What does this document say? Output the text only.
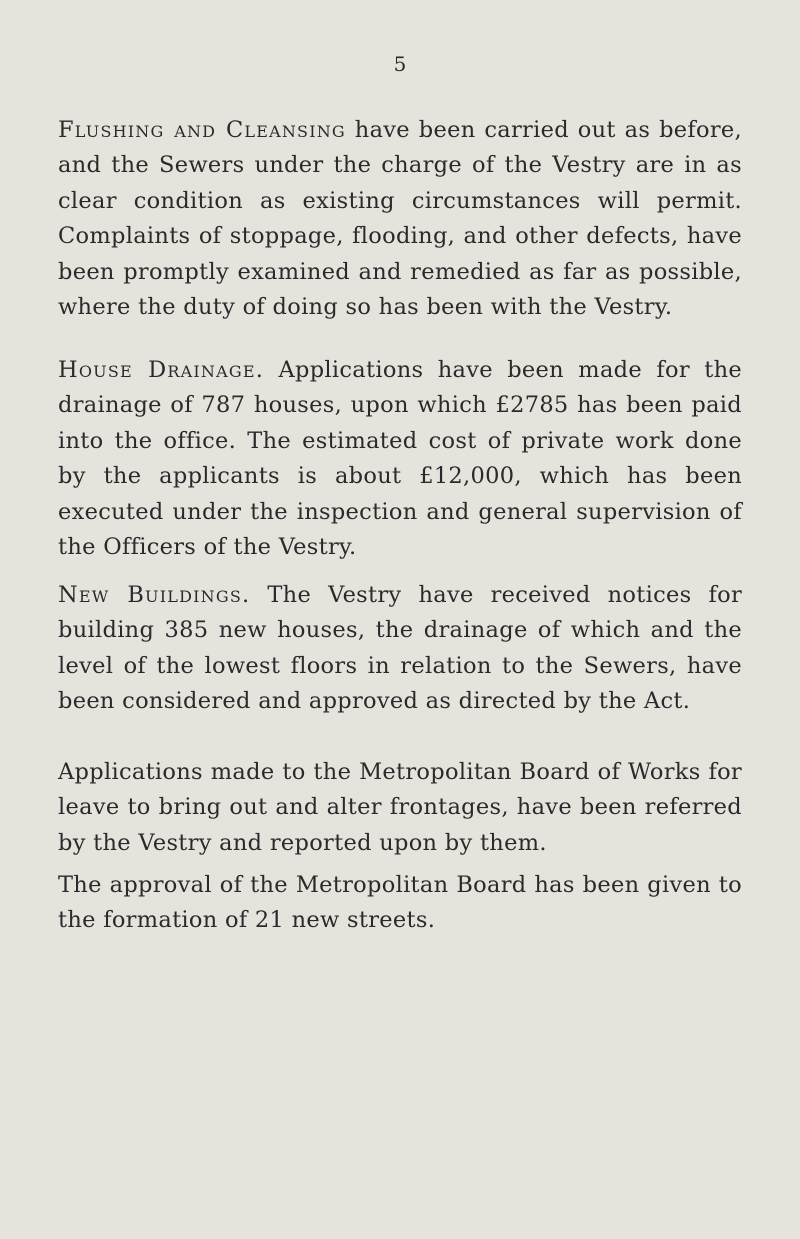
5

Flushing and Cleansing have been carried out as before, and the Sewers under the charge of the Vestry are in as clear condition as existing circumstances will permit. Complaints of stoppage, flooding, and other defects, have been promptly examined and remedied as far as possible, where the duty of doing so has been with the Vestry.

House Drainage. Applications have been made for the drainage of 787 houses, upon which £2785 has been paid into the office. The estimated cost of private work done by the applicants is about £12,000, which has been executed under the inspection and general supervision of the Officers of the Vestry.

New Buildings. The Vestry have received notices for building 385 new houses, the drainage of which and the level of the lowest floors in relation to the Sewers, have been considered and approved as directed by the Act.

Applications made to the Metropolitan Board of Works for leave to bring out and alter frontages, have been referred by the Vestry and reported upon by them.

The approval of the Metropolitan Board has been given to the formation of 21 new streets.
